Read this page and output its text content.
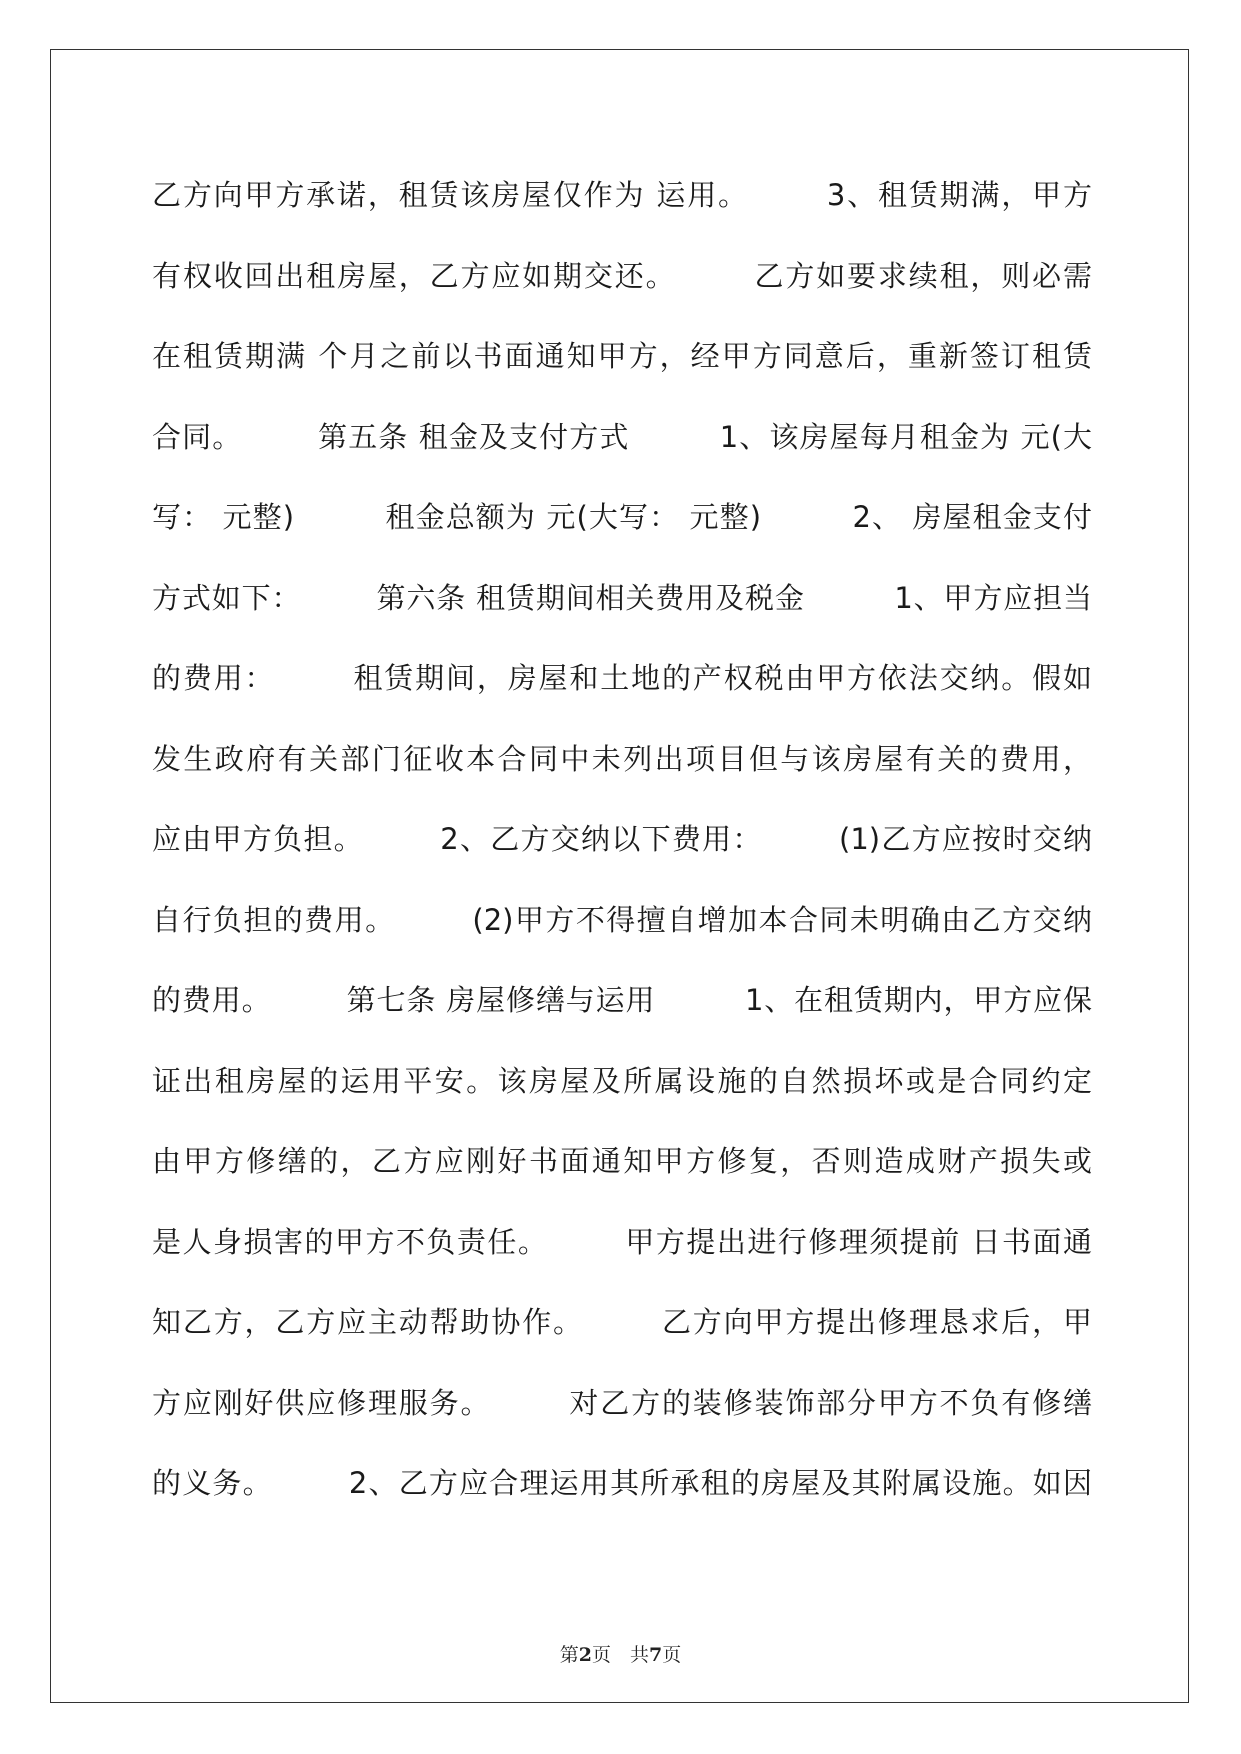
乙方向甲方承诺，租赁该房屋仅作为 运用。　　　3、租赁期满，甲方
有权收回出租房屋，乙方应如期交还。　　　乙方如要求续租，则必需
在租赁期满 个月之前以书面通知甲方，经甲方同意后，重新签订租赁
合同。　　　第五条 租金及支付方式　　　1、该房屋每月租金为 元(大
写： 元整)　　　租金总额为 元(大写： 元整)　　　2、 房屋租金支付
方式如下：　　　第六条 租赁期间相关费用及税金　　　1、甲方应担当
的费用：　　　租赁期间，房屋和土地的产权税由甲方依法交纳。假如
发生政府有关部门征收本合同中未列出项目但与该房屋有关的费用，
应由甲方负担。　　　2、乙方交纳以下费用：　　　(1)乙方应按时交纳
自行负担的费用。　　　(2)甲方不得擅自增加本合同未明确由乙方交纳
的费用。　　　第七条 房屋修缮与运用　　　1、在租赁期内，甲方应保
证出租房屋的运用平安。该房屋及所属设施的自然损坏或是合同约定
由甲方修缮的，乙方应刚好书面通知甲方修复，否则造成财产损失或
是人身损害的甲方不负责任。　　　甲方提出进行修理须提前 日书面通
知乙方，乙方应主动帮助协作。　　　乙方向甲方提出修理恳求后，甲
方应刚好供应修理服务。　　　对乙方的装修装饰部分甲方不负有修缮
的义务。　　　2、乙方应合理运用其所承租的房屋及其附属设施。如因
第2页　共7页
